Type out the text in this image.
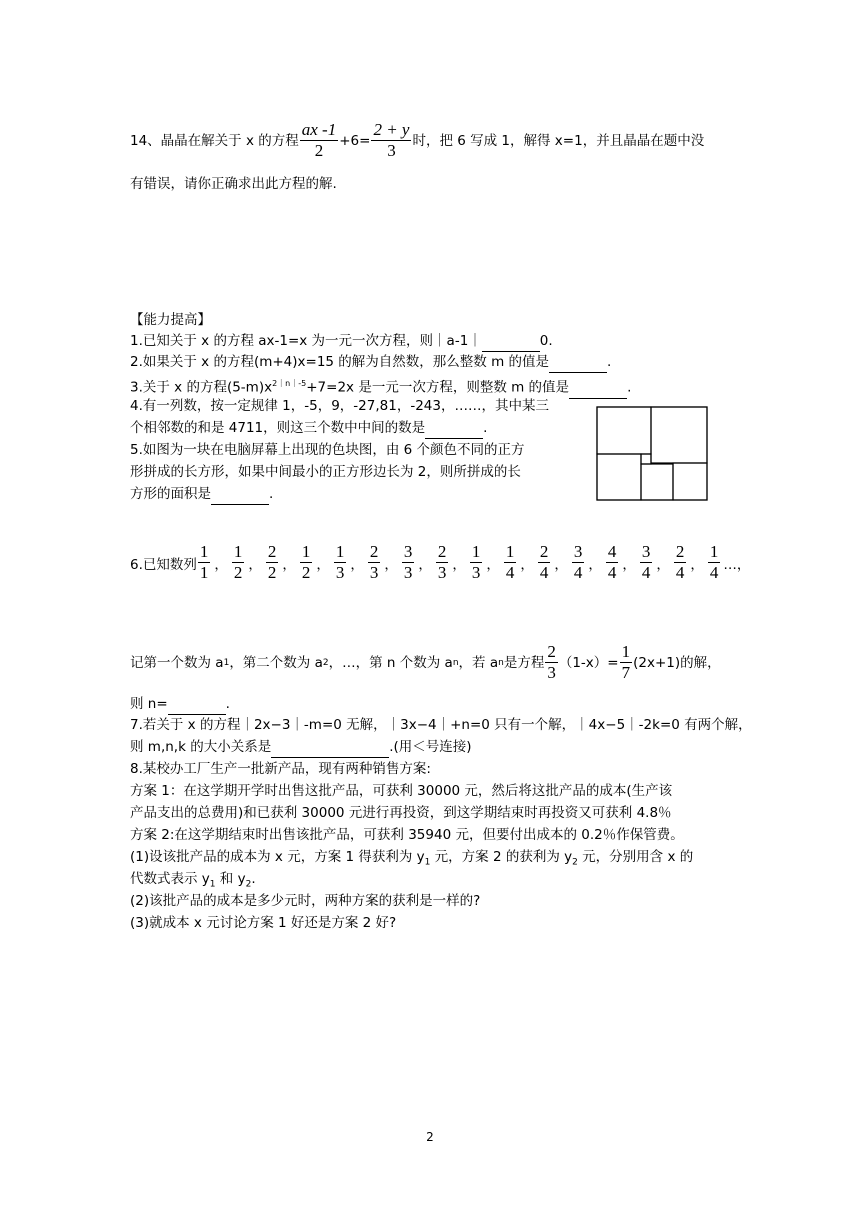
14、晶晶在解关于 x 的方程 $\frac{ax -1}{2} +6= \frac{2 + y}{3}$ 时，把 6 写成 1，解得 x=1，并且晶晶在题中没
有错误，请你正确求出此方程的解.
【能力提高】
1.已知关于 x 的方程 ax-1=x 为一元一次方程，则｜a-1｜	0.
2.如果关于 x 的方程(m+4)x=15 的解为自然数，那么整数 m 的值是	.
3.关于 x 的方程$(5-m)x^{2|n|-5}+7=2x$ 是一元一次方程，则整数 m 的值是	.
4.有一列数，按一定规律 1，-5，9，-27,81，-243，……，其中某三
个相邻数的和是 4711，则这三个数中中间的数是	.
5.如图为一块在电脑屏幕上出现的色块图，由 6 个颜色不同的正方
形拼成的长方形，如果中间最小的正方形边长为 2，则所拼成的长
方形的面积是	.
6.已知数列 $\frac{1}{1}$ ， $\frac{1}{2}$ ， $\frac{2}{2}$ ， $\frac{1}{2}$ ， $\frac{1}{3}$ ， $\frac{2}{3}$ ， $\frac{3}{3}$ ， $\frac{2}{3}$ ， $\frac{1}{3}$ ， $\frac{1}{4}$ ， $\frac{2}{4}$ ， $\frac{3}{4}$ ， $\frac{4}{4}$ ， $\frac{3}{4}$ ， $\frac{2}{4}$ ， $\frac{1}{4}$ …，
记第一个数为 a 1 ，第二个数为 a 2 ，…，第 n 个数为 a n ，若 a n 是方程 $\frac{2}{3} (1-x)= \frac{1}{7} (2x+1)$的解，
则 n=	.
7.若关于 x 的方程｜2x−3｜-m=0 无解，｜3x−4｜+n=0 只有一个解，｜4x−5｜-2k=0 有两个解，
则 m,n,k 的大小关系是	.(用＜号连接)
8.某校办工厂生产一批新产品，现有两种销售方案:
方案 1：在这学期开学时出售这批产品，可获利 30000 元，然后将这批产品的成本(生产该
产品支出的总费用)和已获利 30000 元进行再投资，到这学期结束时再投资又可获利 4.8％
方案 2:在这学期结束时出售该批产品，可获利 35940 元，但要付出成本的 0.2％作保管费。
(1)设该批产品的成本为 x 元，方案 1 得获利为 $y_1$ 元，方案 2 的获利为 $y_2$ 元，分别用含 x 的
代数式表示 $y_1$ 和 $y_2$.
(2)该批产品的成本是多少元时，两种方案的获利是一样的?
(3)就成本 x 元讨论方案 1 好还是方案 2 好?
2
